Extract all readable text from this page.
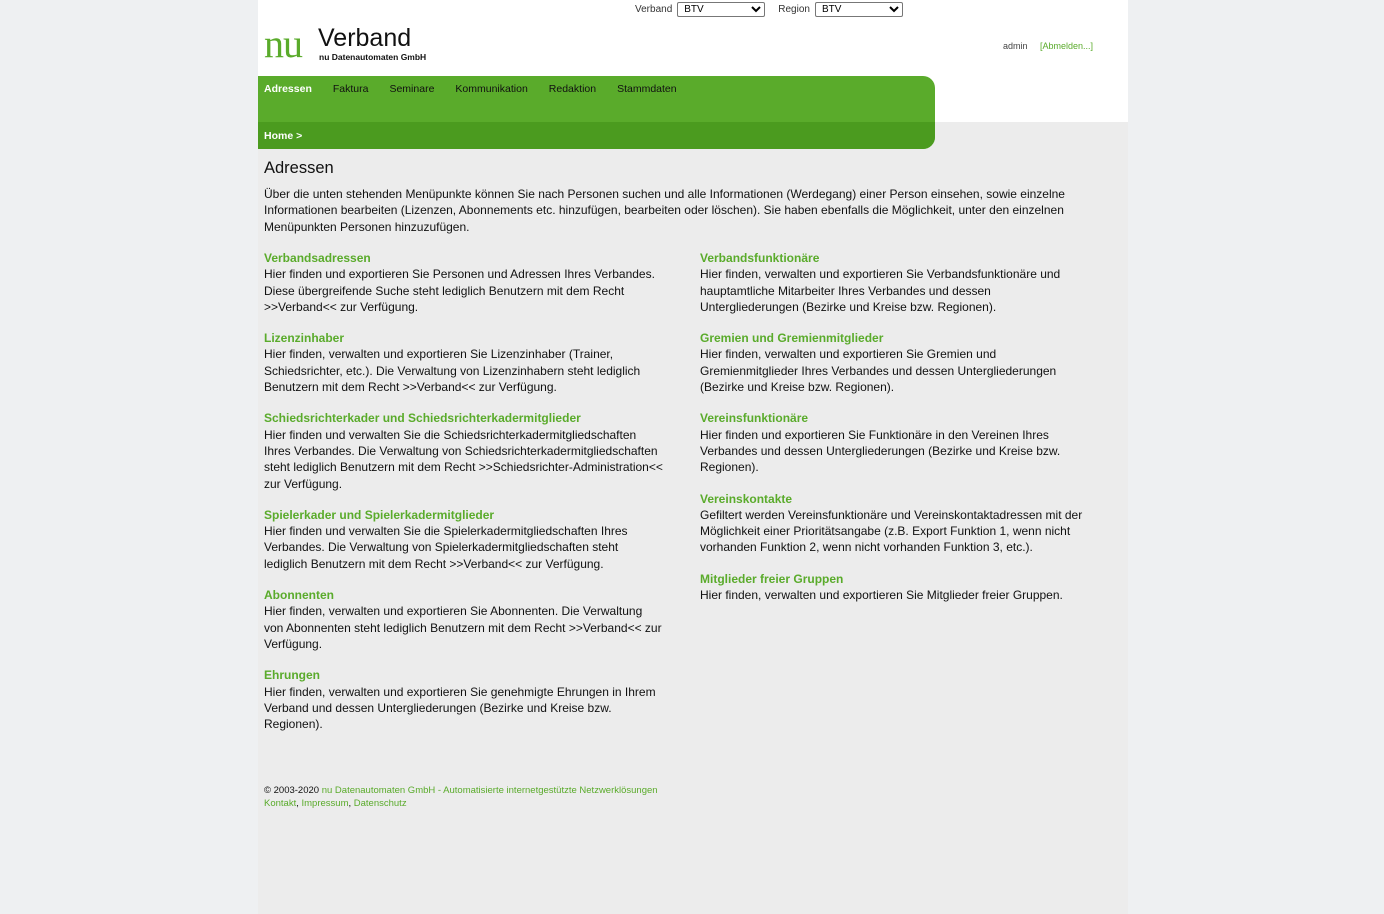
Verband
BTV	Region
BTV
nu Verband
nu Datenautomaten GmbH
admin [Abmelden...]
Adressen Faktura Seminare Kommunikation Redaktion Stammdaten
Home >
Adressen

Über die unten stehenden Menüpunkte können Sie nach Personen suchen und alle Informationen (Werdegang) einer Person einsehen, sowie einzelne Informationen bearbeiten (Lizenzen, Abonnements etc. hinzufügen, bearbeiten oder löschen). Sie haben ebenfalls die Möglichkeit, unter den einzelnen Menüpunkten Personen hinzuzufügen.

Verbandsadressen

Hier finden und exportieren Sie Personen und Adressen Ihres Verbandes. Diese übergreifende Suche steht lediglich Benutzern mit dem Recht >>Verband<< zur Verfügung.

Lizenzinhaber

Hier finden, verwalten und exportieren Sie Lizenzinhaber (Trainer, Schiedsrichter, etc.). Die Verwaltung von Lizenzinhabern steht lediglich Benutzern mit dem Recht >>Verband<< zur Verfügung.

Schiedsrichterkader und Schiedsrichterkadermitglieder

Hier finden und verwalten Sie die Schiedsrichterkadermitgliedschaften Ihres Verbandes. Die Verwaltung von Schiedsrichterkadermitgliedschaften steht lediglich Benutzern mit dem Recht >>Schiedsrichter-Administration<< zur Verfügung.

Spielerkader und Spielerkadermitglieder

Hier finden und verwalten Sie die Spielerkadermitgliedschaften Ihres Verbandes. Die Verwaltung von Spielerkadermitgliedschaften steht lediglich Benutzern mit dem Recht >>Verband<< zur Verfügung.

Abonnenten

Hier finden, verwalten und exportieren Sie Abonnenten. Die Verwaltung von Abonnenten steht lediglich Benutzern mit dem Recht >>Verband<< zur Verfügung.

Ehrungen

Hier finden, verwalten und exportieren Sie genehmigte Ehrungen in Ihrem Verband und dessen Untergliederungen (Bezirke und Kreise bzw. Regionen).

Verbandsfunktionäre

Hier finden, verwalten und exportieren Sie Verbandsfunktionäre und hauptamtliche Mitarbeiter Ihres Verbandes und dessen Untergliederungen (Bezirke und Kreise bzw. Regionen).

Gremien und Gremienmitglieder

Hier finden, verwalten und exportieren Sie Gremien und Gremienmitglieder Ihres Verbandes und dessen Untergliederungen (Bezirke und Kreise bzw. Regionen).

Vereinsfunktionäre

Hier finden und exportieren Sie Funktionäre in den Vereinen Ihres Verbandes und dessen Untergliederungen (Bezirke und Kreise bzw. Regionen).

Vereinskontakte

Gefiltert werden Vereinsfunktionäre und Vereinskontaktadressen mit der Möglichkeit einer Prioritätsangabe (z.B. Export Funktion 1, wenn nicht vorhanden Funktion 2, wenn nicht vorhanden Funktion 3, etc.).

Mitglieder freier Gruppen

Hier finden, verwalten und exportieren Sie Mitglieder freier Gruppen.

© 2003-2020 nu Datenautomaten GmbH - Automatisierte internetgestützte Netzwerklösungen
Kontakt, Impressum, Datenschutz
